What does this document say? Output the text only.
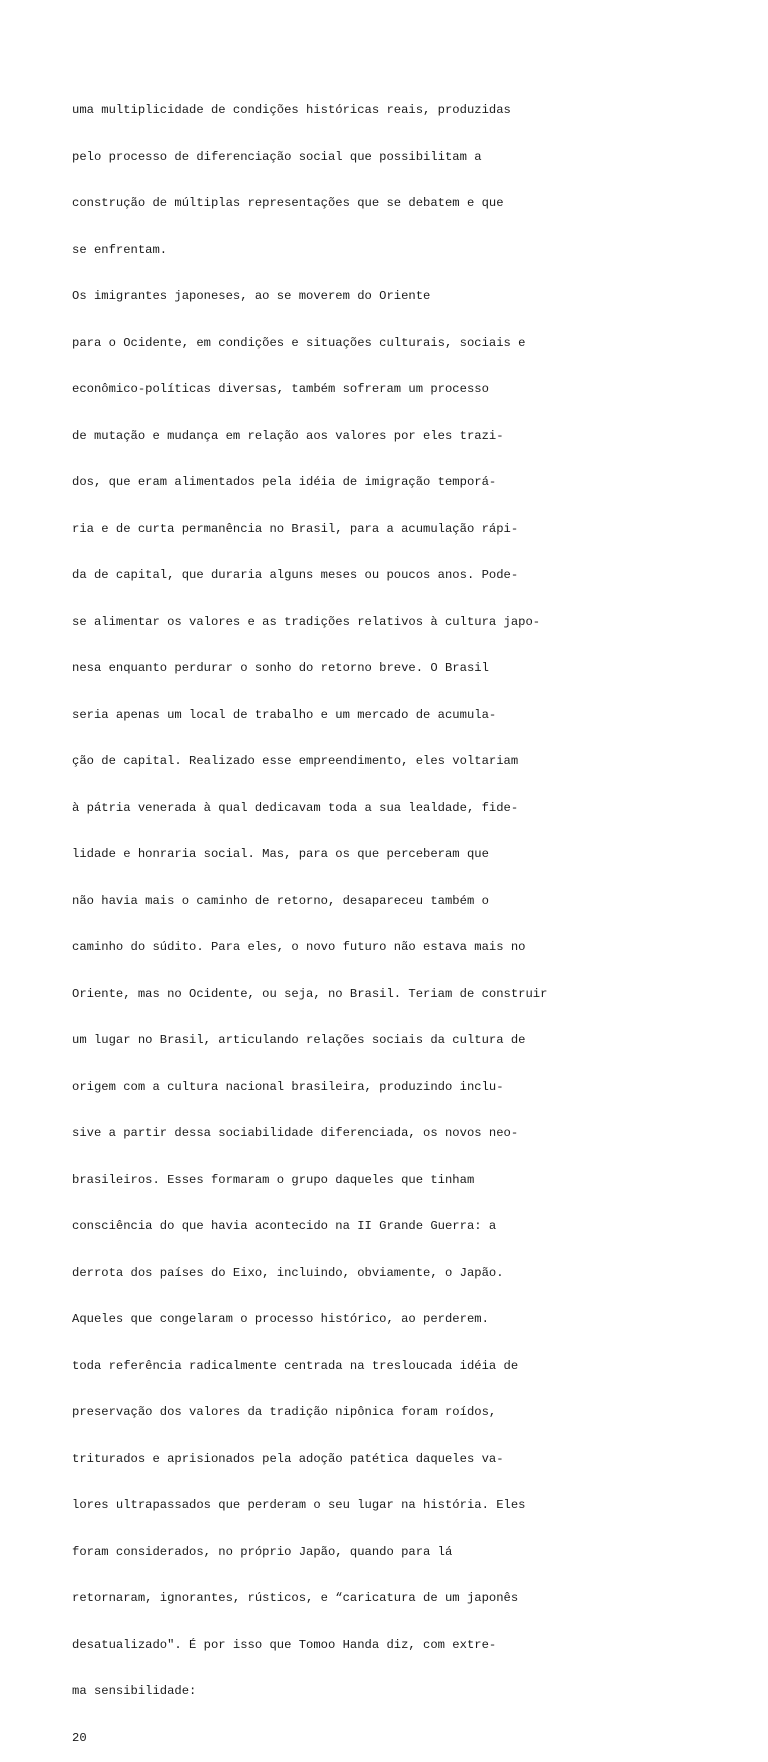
uma multiplicidade de condições históricas reais, produzidas

pelo processo de diferenciação social que possibilitam a

construção de múltiplas representações que se debatem e que

se enfrentam.

Os imigrantes japoneses, ao se moverem do Oriente

para o Ocidente, em condições e situações culturais, sociais e

econômico-políticas diversas, também sofreram um processo

de mutação e mudança em relação aos valores por eles trazi-

dos, que eram alimentados pela idéia de imigração temporá-

ria e de curta permanência no Brasil, para a acumulação rápi-

da de capital, que duraria alguns meses ou poucos anos. Pode-

se alimentar os valores e as tradições relativos à cultura japo-

nesa enquanto perdurar o sonho do retorno breve. O Brasil

seria apenas um local de trabalho e um mercado de acumula-

ção de capital. Realizado esse empreendimento, eles voltariam

à pátria venerada à qual dedicavam toda a sua lealdade, fide-

lidade e honraria social. Mas, para os que perceberam que

não havia mais o caminho de retorno, desapareceu também o

caminho do súdito. Para eles, o novo futuro não estava mais no

Oriente, mas no Ocidente, ou seja, no Brasil. Teriam de construir

um lugar no Brasil, articulando relações sociais da cultura de

origem com a cultura nacional brasileira, produzindo inclu-

sive a partir dessa sociabilidade diferenciada, os novos neo-

brasileiros. Esses formaram o grupo daqueles que tinham

consciência do que havia acontecido na II Grande Guerra: a

derrota dos países do Eixo, incluindo, obviamente, o Japão.

Aqueles que congelaram o processo histórico, ao perderem.

toda referência radicalmente centrada na tresloucada idéia de

preservação dos valores da tradição nipônica foram roídos,

triturados e aprisionados pela adoção patética daqueles va-

lores ultrapassados que perderam o seu lugar na história. Eles

foram considerados, no próprio Japão, quando para lá

retornaram, ignorantes, rústicos, e “caricatura de um japonês

desatualizado". É por isso que Tomoo Handa diz, com extre-

ma sensibilidade:

20
